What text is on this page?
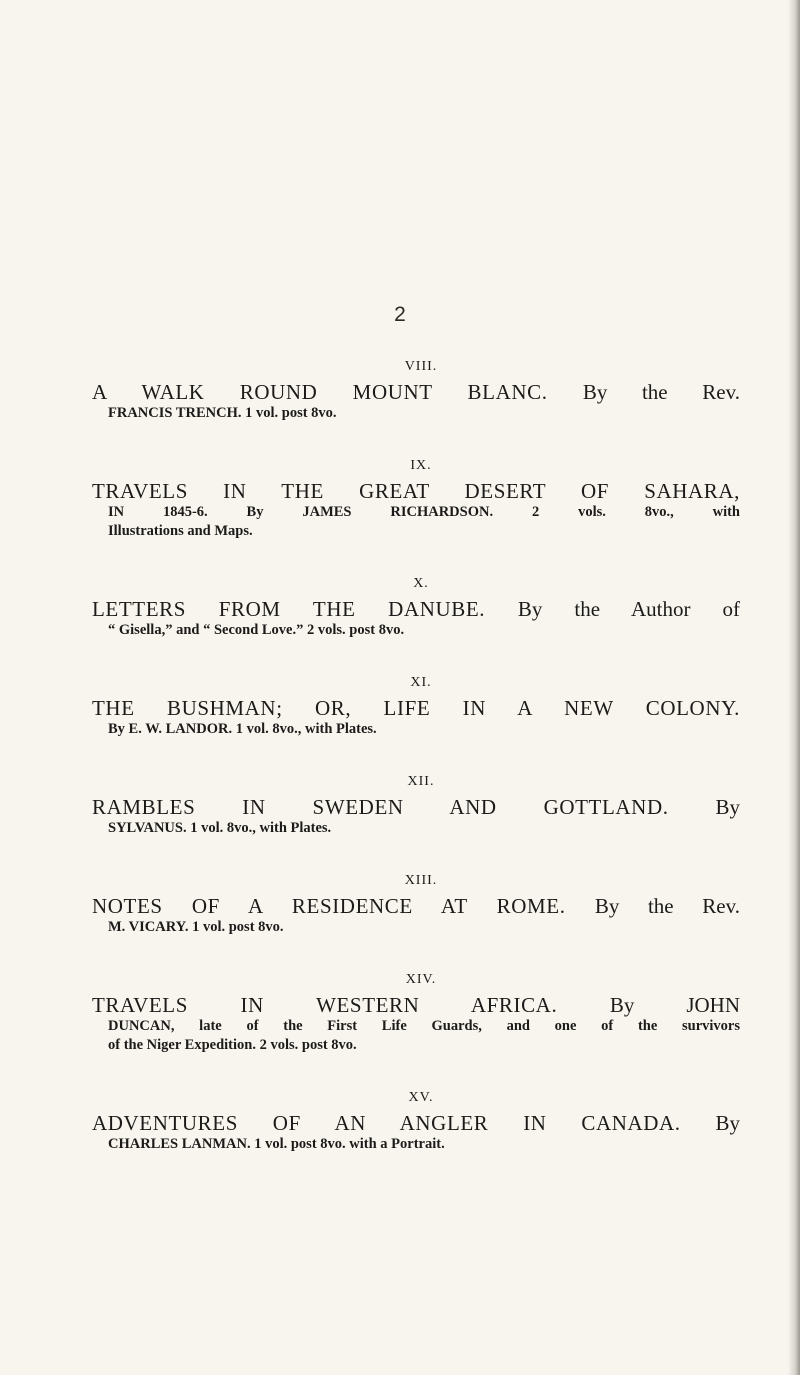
2
VIII.
A WALK ROUND MOUNT BLANC. By the Rev.
FRANCIS TRENCH. 1 vol. post 8vo.
IX.
TRAVELS IN THE GREAT DESERT OF SAHARA,
IN 1845-6. By JAMES RICHARDSON. 2 vols. 8vo., with
Illustrations and Maps.
X.
LETTERS FROM THE DANUBE. By the Author of
“ Gisella,” and “ Second Love.” 2 vols. post 8vo.
XI.
THE BUSHMAN; OR, LIFE IN A NEW COLONY.
By E. W. LANDOR. 1 vol. 8vo., with Plates.
XII.
RAMBLES IN SWEDEN AND GOTTLAND. By
SYLVANUS. 1 vol. 8vo., with Plates.
XIII.
NOTES OF A RESIDENCE AT ROME. By the Rev.
M. VICARY. 1 vol. post 8vo.
XIV.
TRAVELS IN WESTERN AFRICA.	By JOHN
DUNCAN, late of the First Life Guards, and one of the survivors
of the Niger Expedition. 2 vols. post 8vo.
XV.
ADVENTURES OF AN ANGLER IN CANADA. By
CHARLES LANMAN. 1 vol. post 8vo. with a Portrait.
